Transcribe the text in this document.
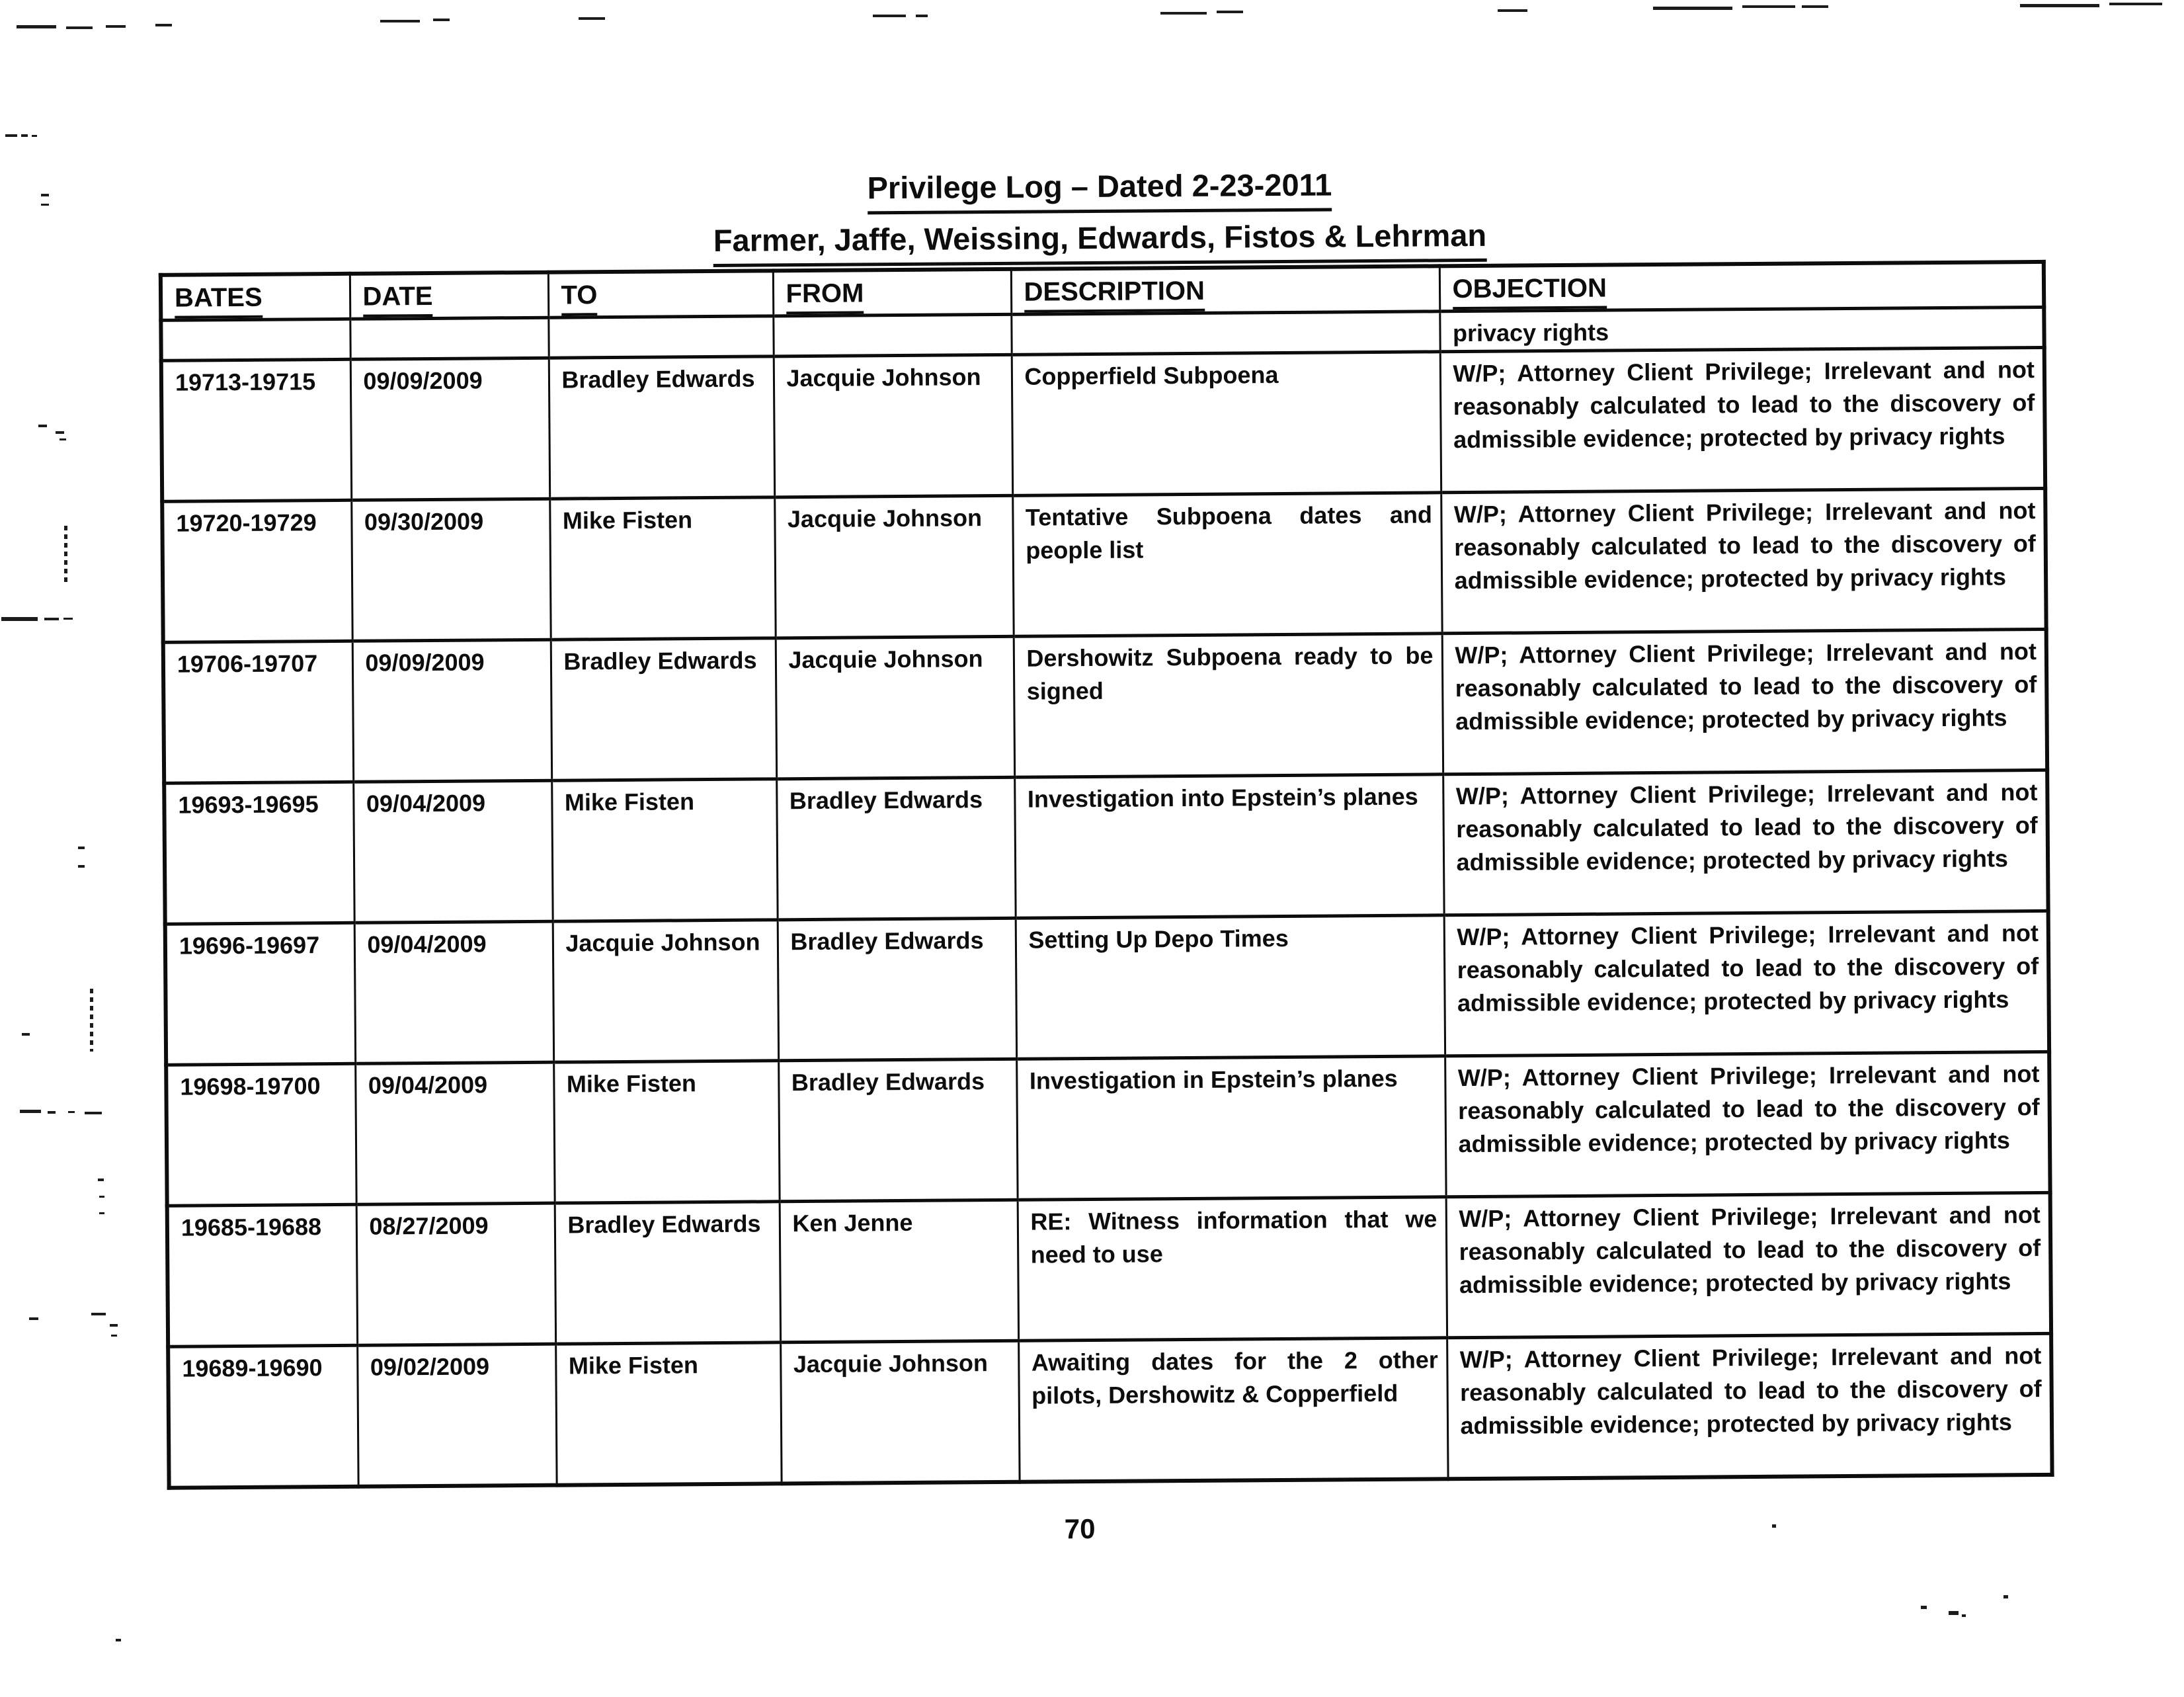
Privilege Log – Dated 2-23-2011
Farmer, Jaffe, Weissing, Edwards, Fistos & Lehrman
BATES	DATE	TO	FROM	DESCRIPTION	OBJECTION
					privacy rights
19713-19715	09/09/2009	Bradley Edwards	Jacquie Johnson	Copperfield Subpoena	W/P; Attorney Client Privilege; Irrelevant and not reasonably calculated to lead to the discovery of admissible evidence; protected by privacy rights
19720-19729	09/30/2009	Mike Fisten	Jacquie Johnson	Tentative Subpoena dates and people list	W/P; Attorney Client Privilege; Irrelevant and not reasonably calculated to lead to the discovery of admissible evidence; protected by privacy rights
19706-19707	09/09/2009	Bradley Edwards	Jacquie Johnson	Dershowitz Subpoena ready to be signed	W/P; Attorney Client Privilege; Irrelevant and not reasonably calculated to lead to the discovery of admissible evidence; protected by privacy rights
19693-19695	09/04/2009	Mike Fisten	Bradley Edwards	Investigation into Epstein’s planes	W/P; Attorney Client Privilege; Irrelevant and not reasonably calculated to lead to the discovery of admissible evidence; protected by privacy rights
19696-19697	09/04/2009	Jacquie Johnson	Bradley Edwards	Setting Up Depo Times	W/P; Attorney Client Privilege; Irrelevant and not reasonably calculated to lead to the discovery of admissible evidence; protected by privacy rights
19698-19700	09/04/2009	Mike Fisten	Bradley Edwards	Investigation in Epstein’s planes	W/P; Attorney Client Privilege; Irrelevant and not reasonably calculated to lead to the discovery of admissible evidence; protected by privacy rights
19685-19688	08/27/2009	Bradley Edwards	Ken Jenne	RE: Witness information that we need to use	W/P; Attorney Client Privilege; Irrelevant and not reasonably calculated to lead to the discovery of admissible evidence; protected by privacy rights
19689-19690	09/02/2009	Mike Fisten	Jacquie Johnson	Awaiting dates for the 2 other pilots, Dershowitz & Copperfield	W/P; Attorney Client Privilege; Irrelevant and not reasonably calculated to lead to the discovery of admissible evidence; protected by privacy rights
70
